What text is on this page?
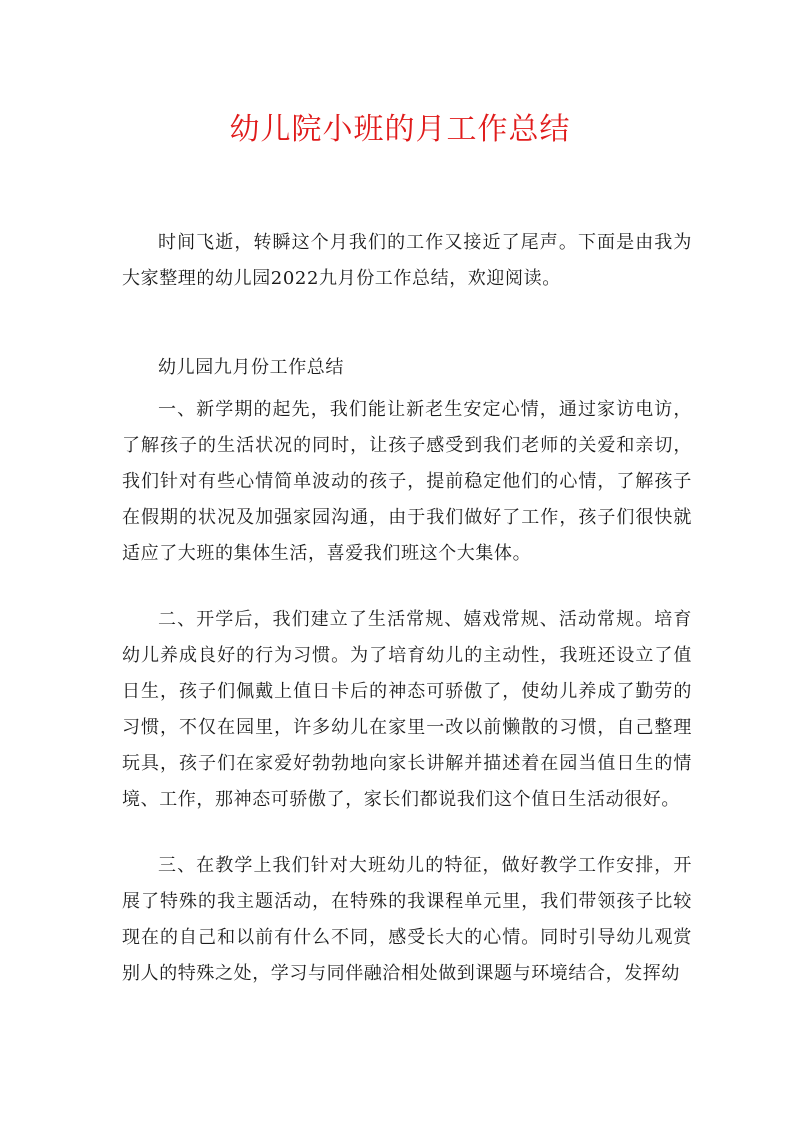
幼儿院小班的月工作总结

时间飞逝，转瞬这个月我们的工作又接近了尾声。下面是由我为大家整理的幼儿园2022九月份工作总结，欢迎阅读。

幼儿园九月份工作总结

一、新学期的起先，我们能让新老生安定心情，通过家访电访，了解孩子的生活状况的同时，让孩子感受到我们老师的关爱和亲切，我们针对有些心情简单波动的孩子，提前稳定他们的心情，了解孩子在假期的状况及加强家园沟通，由于我们做好了工作，孩子们很快就适应了大班的集体生活，喜爱我们班这个大集体。

二、开学后，我们建立了生活常规、嬉戏常规、活动常规。培育幼儿养成良好的行为习惯。为了培育幼儿的主动性，我班还设立了值日生，孩子们佩戴上值日卡后的神态可骄傲了，使幼儿养成了勤劳的习惯，不仅在园里，许多幼儿在家里一改以前懒散的习惯，自己整理玩具，孩子们在家爱好勃勃地向家长讲解并描述着在园当值日生的情境、工作，那神态可骄傲了，家长们都说我们这个值日生活动很好。

三、在教学上我们针对大班幼儿的特征，做好教学工作安排，开展了特殊的我主题活动，在特殊的我课程单元里，我们带领孩子比较现在的自己和以前有什么不同，感受长大的心情。同时引导幼儿观赏别人的特殊之处，学习与同伴融洽相处做到课题与环境结合，发挥幼
